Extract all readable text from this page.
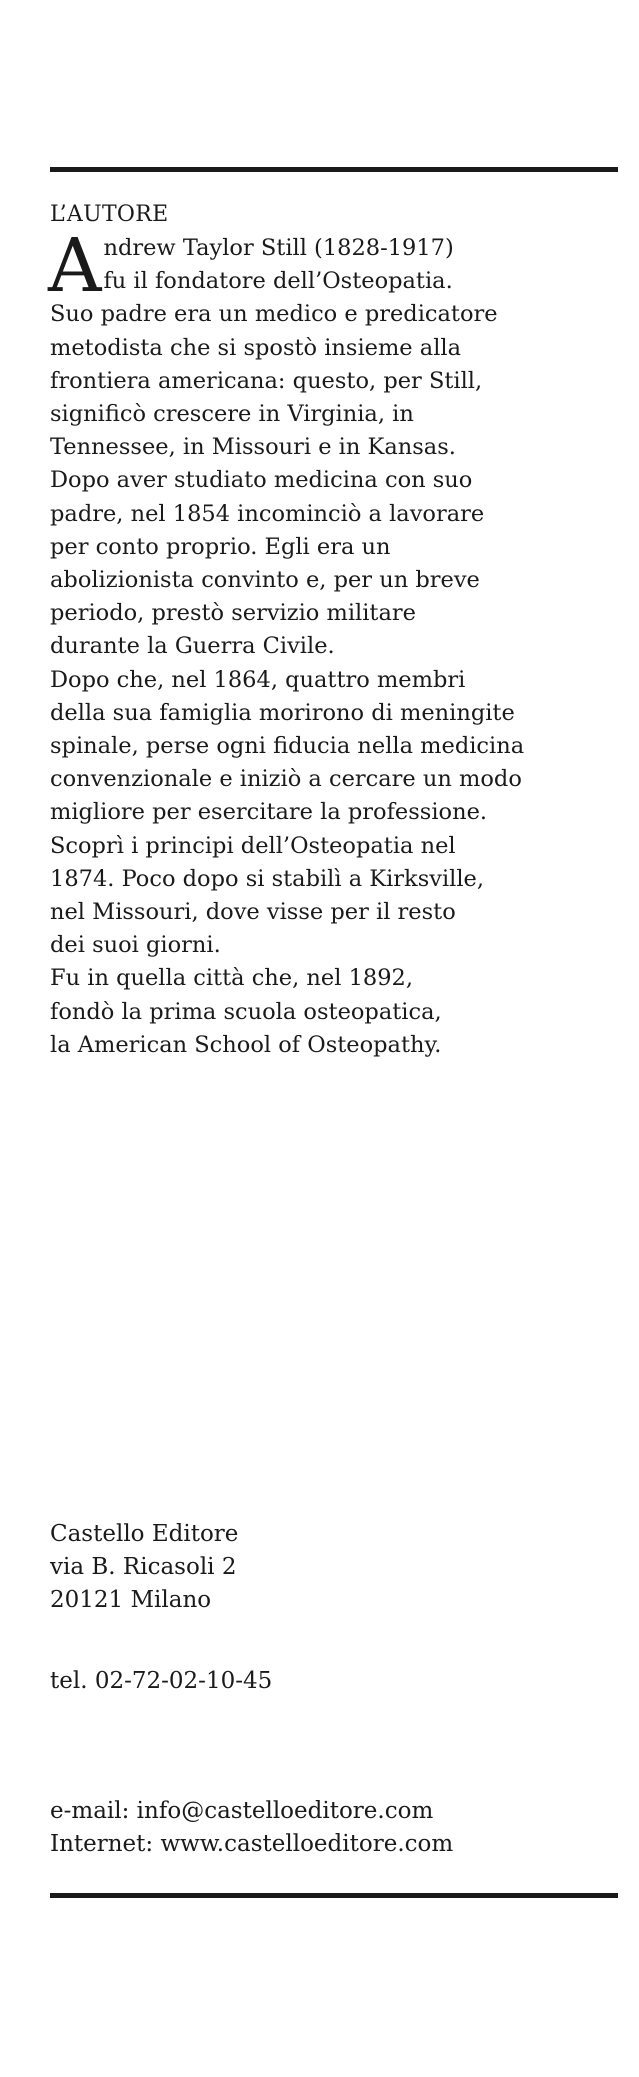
L’AUTORE
A ndrew Taylor Still (1828-1917)
fu il fondatore dell’Osteopatia.
Suo padre era un medico e predicatore
metodista che si spostò insieme alla
frontiera americana: questo, per Still,
significò crescere in Virginia, in
Tennessee, in Missouri e in Kansas.
Dopo aver studiato medicina con suo
padre, nel 1854 incominciò a lavorare
per conto proprio. Egli era un
abolizionista convinto e, per un breve
periodo, prestò servizio militare
durante la Guerra Civile.
Dopo che, nel 1864, quattro membri
della sua famiglia morirono di meningite
spinale, perse ogni fiducia nella medicina
convenzionale e iniziò a cercare un modo
migliore per esercitare la professione.
Scoprì i principi dell’Osteopatia nel
1874. Poco dopo si stabilì a Kirksville,
nel Missouri, dove visse per il resto
dei suoi giorni.
Fu in quella città che, nel 1892,
fondò la prima scuola osteopatica,
la American School of Osteopathy.
Castello Editore
via B. Ricasoli 2
20121 Milano
tel. 02-72-02-10-45
e-mail: info@castelloeditore.com
Internet: www.castelloeditore.com
